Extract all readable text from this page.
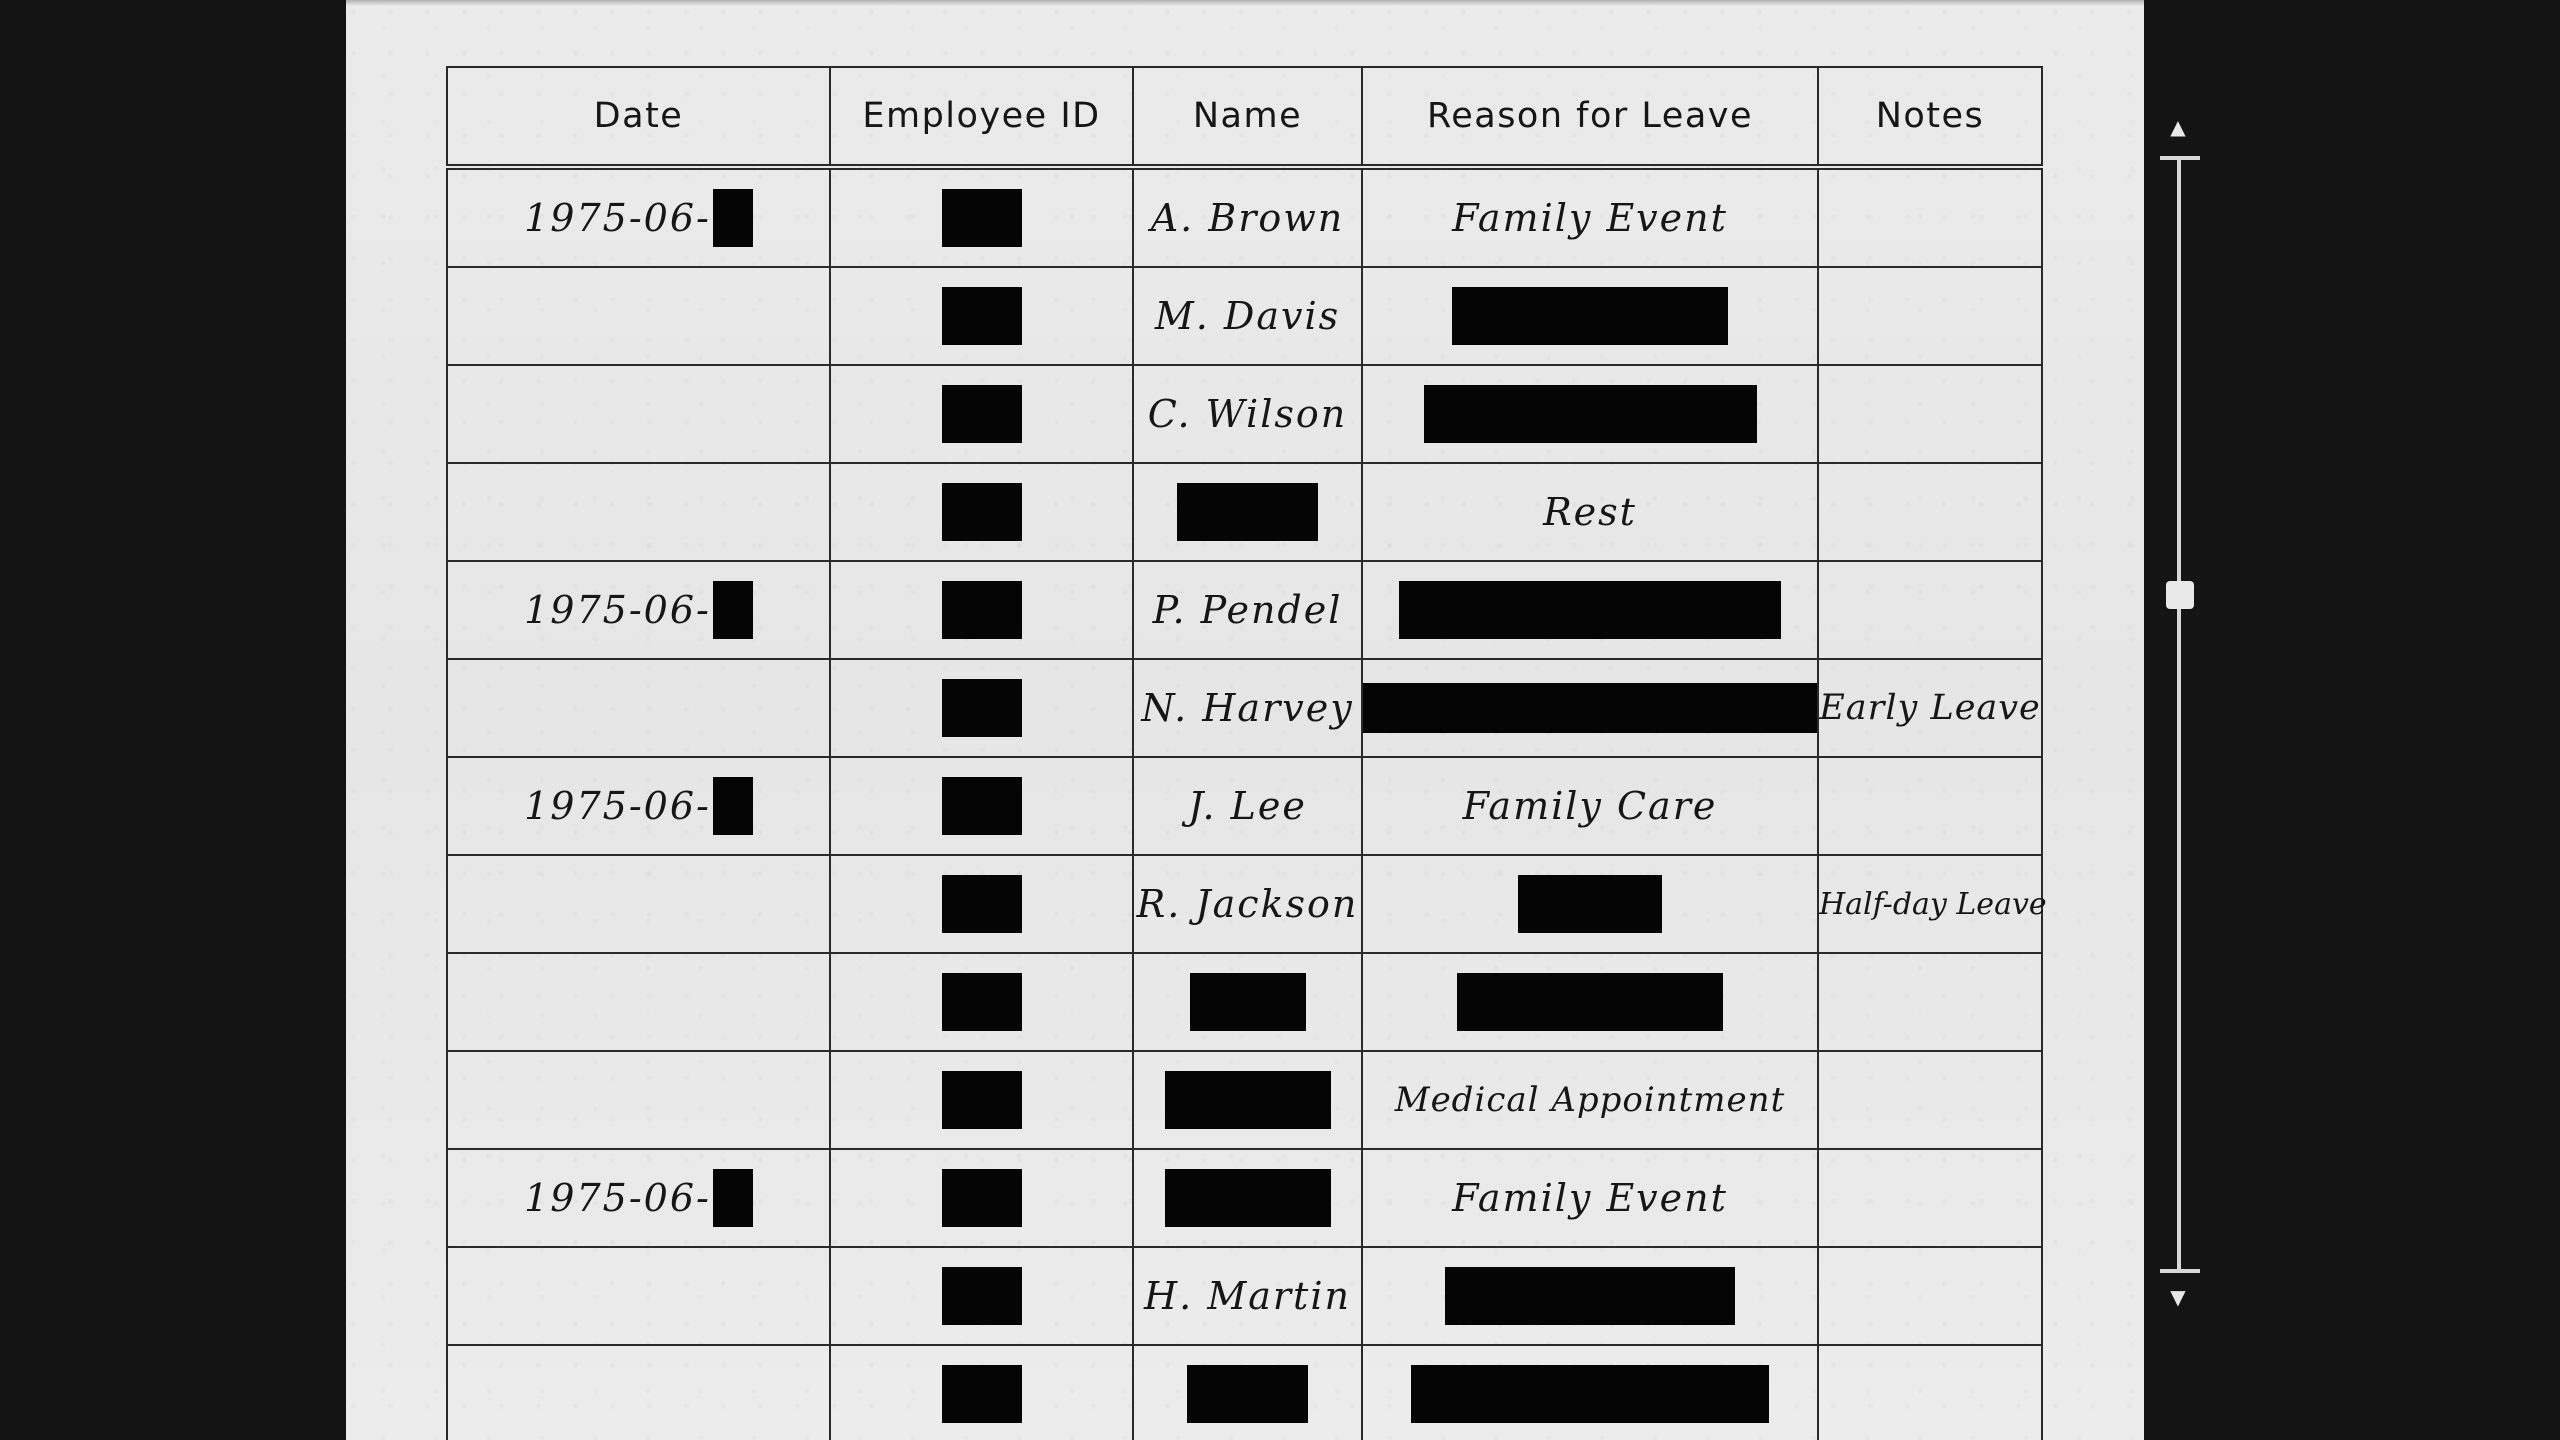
Date	Employee ID	Name	Reason for Leave	Notes

1975-06-		A. Brown	Family Event	
		M. Davis		
		C. Wilson		
			Rest	

1975-06-		P. Pendel		
		N. Harvey		Early Leave

1975-06-		J. Lee	Family Care	
		R. Jackson		Half-day Leave

			Medical Appointment	

1975-06-			Family Event	
		H. Martin		

▲
▼
